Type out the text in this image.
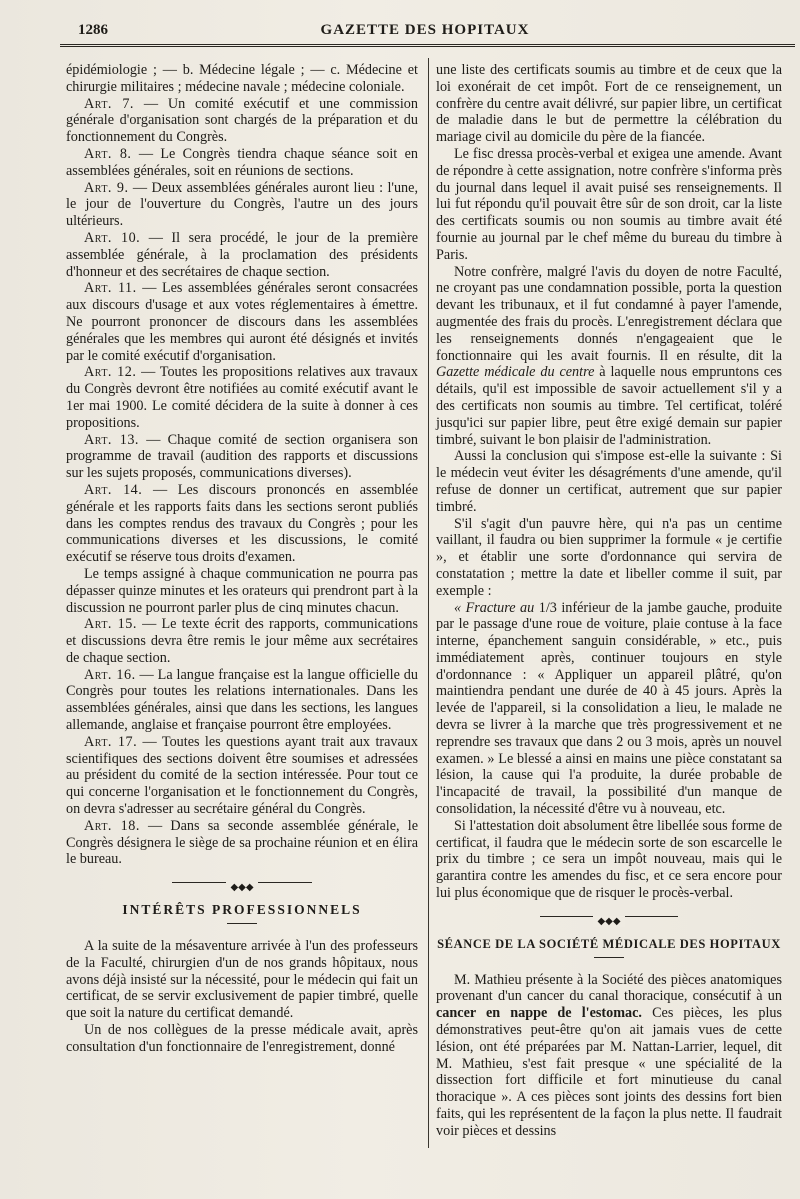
1286	GAZETTE DES HOPITAUX

épidémiologie ; — b. Médecine légale ; — c. Médecine et chirurgie militaires ; médecine navale ; médecine coloniale.

Art. 7. — Un comité exécutif et une commission générale d'organisation sont chargés de la préparation et du fonctionnement du Congrès.

Art. 8. — Le Congrès tiendra chaque séance soit en assemblées générales, soit en réunions de sections.

Art. 9. — Deux assemblées générales auront lieu : l'une, le jour de l'ouverture du Congrès, l'autre un des jours ultérieurs.

Art. 10. — Il sera procédé, le jour de la première assemblée générale, à la proclamation des présidents d'honneur et des secrétaires de chaque section.

Art. 11. — Les assemblées générales seront consacrées aux discours d'usage et aux votes réglementaires à émettre. Ne pourront prononcer de discours dans les assemblées générales que les membres qui auront été désignés et invités par le comité exécutif d'organisation.

Art. 12. — Toutes les propositions relatives aux travaux du Congrès devront être notifiées au comité exécutif avant le 1er mai 1900. Le comité décidera de la suite à donner à ces propositions.

Art. 13. — Chaque comité de section organisera son programme de travail (audition des rapports et discussions sur les sujets proposés, communications diverses).

Art. 14. — Les discours prononcés en assemblée générale et les rapports faits dans les sections seront publiés dans les comptes rendus des travaux du Congrès ; pour les communications diverses et les discussions, le comité exécutif se réserve tous droits d'examen.

Le temps assigné à chaque communication ne pourra pas dépasser quinze minutes et les orateurs qui prendront part à la discussion ne pourront parler plus de cinq minutes chacun.

Art. 15. — Le texte écrit des rapports, communications et discussions devra être remis le jour même aux secrétaires de chaque section.

Art. 16. — La langue française est la langue officielle du Congrès pour toutes les relations internationales. Dans les assemblées générales, ainsi que dans les sections, les langues allemande, anglaise et française pourront être employées.

Art. 17. — Toutes les questions ayant trait aux travaux scientifiques des sections doivent être soumises et adressées au président du comité de la section intéressée. Pour tout ce qui concerne l'organisation et le fonctionnement du Congrès, on devra s'adresser au secrétaire général du Congrès.

Art. 18. — Dans sa seconde assemblée générale, le Congrès désignera le siège de sa prochaine réunion et en élira le bureau.

◆◆◆
INTÉRÊTS PROFESSIONNELS

A la suite de la mésaventure arrivée à l'un des professeurs de la Faculté, chirurgien d'un de nos grands hôpitaux, nous avons déjà insisté sur la nécessité, pour le médecin qui fait un certificat, de se servir exclusivement de papier timbré, quelle que soit la nature du certificat demandé.

Un de nos collègues de la presse médicale avait, après consultation d'un fonctionnaire de l'enregistrement, donné

une liste des certificats soumis au timbre et de ceux que la loi exonérait de cet impôt. Fort de ce renseignement, un confrère du centre avait délivré, sur papier libre, un certificat de maladie dans le but de permettre la célébration du mariage civil au domicile du père de la fiancée.

Le fisc dressa procès-verbal et exigea une amende. Avant de répondre à cette assignation, notre confrère s'informa près du journal dans lequel il avait puisé ses renseignements. Il lui fut répondu qu'il pouvait être sûr de son droit, car la liste des certificats soumis ou non soumis au timbre avait été fournie au journal par le chef même du bureau du timbre à Paris.

Notre confrère, malgré l'avis du doyen de notre Faculté, ne croyant pas une condamnation possible, porta la question devant les tribunaux, et il fut condamné à payer l'amende, augmentée des frais du procès. L'enregistrement déclara que les renseignements donnés n'engageaient que le fonctionnaire qui les avait fournis. Il en résulte, dit la Gazette médicale du centre à laquelle nous empruntons ces détails, qu'il est impossible de savoir actuellement s'il y a des certificats non soumis au timbre. Tel certificat, toléré jusqu'ici sur papier libre, peut être exigé demain sur papier timbré, suivant le bon plaisir de l'administration.

Aussi la conclusion qui s'impose est-elle la suivante : Si le médecin veut éviter les désagréments d'une amende, qu'il refuse de donner un certificat, autrement que sur papier timbré.

S'il s'agit d'un pauvre hère, qui n'a pas un centime vaillant, il faudra ou bien supprimer la formule « je certifie », et établir une sorte d'ordonnance qui servira de constatation ; mettre la date et libeller comme il suit, par exemple :

« Fracture au 1/3 inférieur de la jambe gauche, produite par le passage d'une roue de voiture, plaie contuse à la face interne, épanchement sanguin considérable, » etc., puis immédiatement après, continuer toujours en style d'ordonnance : « Appliquer un appareil plâtré, qu'on maintiendra pendant une durée de 40 à 45 jours. Après la levée de l'appareil, si la consolidation a lieu, le malade ne devra se livrer à la marche que très progressivement et ne reprendre ses travaux que dans 2 ou 3 mois, après un nouvel examen. » Le blessé a ainsi en mains une pièce constatant sa lésion, la cause qui l'a produite, la durée probable de l'incapacité de travail, la possibilité d'un manque de consolidation, la nécessité d'être vu à nouveau, etc.

Si l'attestation doit absolument être libellée sous forme de certificat, il faudra que le médecin sorte de son escarcelle le prix du timbre ; ce sera un impôt nouveau, mais qui le garantira contre les amendes du fisc, et ce sera encore pour lui plus économique que de risquer le procès-verbal.

◆◆◆
SÉANCE DE LA SOCIÉTÉ MÉDICALE DES HOPITAUX

M. Mathieu présente à la Société des pièces anatomiques provenant d'un cancer du canal thoracique, consécutif à un cancer en nappe de l'estomac. Ces pièces, les plus démonstratives peut-être qu'on ait jamais vues de cette lésion, ont été préparées par M. Nattan-Larrier, lequel, dit M. Mathieu, s'est fait presque « une spécialité de la dissection fort difficile et fort minutieuse du canal thoracique ». A ces pièces sont joints des dessins fort bien faits, qui les représentent de la façon la plus nette. Il faudrait voir pièces et dessins
